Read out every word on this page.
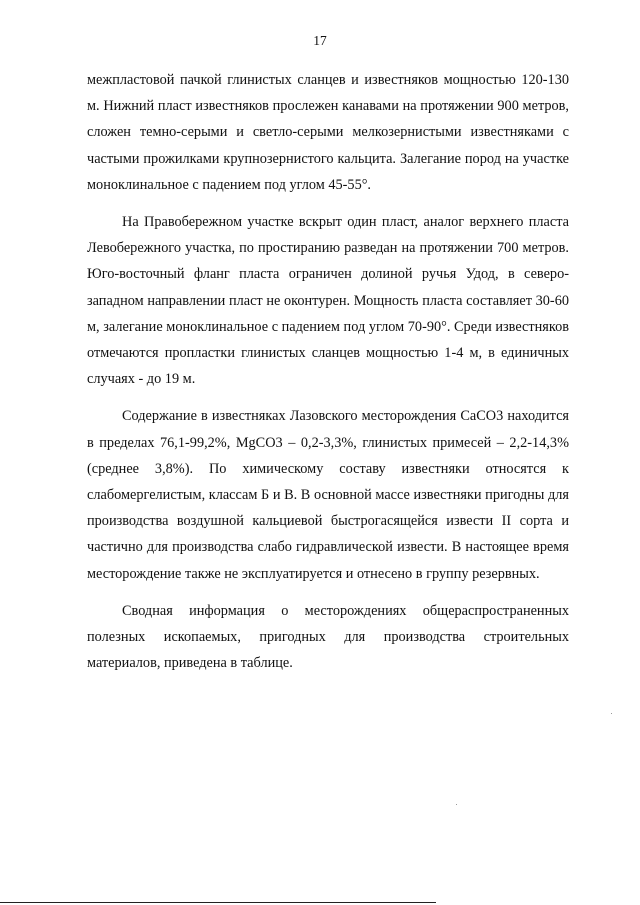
17

межпластовой пачкой глинистых сланцев и известняков мощностью 120-130 м. Нижний пласт известняков прослежен канавами на протяжении 900 метров, сложен темно-серыми и светло-серыми мелкозернистыми известняками с частыми прожилками крупнозернистого кальцита. Залегание пород на участке моноклинальное с падением под углом 45-55°.

На Правобережном участке вскрыт один пласт, аналог верхнего пласта Левобережного участка, по простиранию разведан на протяжении 700 метров. Юго-восточный фланг пласта ограничен долиной ручья Удод, в северо-западном направлении пласт не оконтурен. Мощность пласта составляет 30-60 м, залегание моноклинальное с падением под углом 70-90°. Среди известняков отмечаются пропластки глинистых сланцев мощностью 1-4 м, в единичных случаях - до 19 м.

Содержание в известняках Лазовского месторождения CaCO3 находится в пределах 76,1-99,2%, MgCO3 – 0,2-3,3%, глинистых примесей – 2,2-14,3% (среднее 3,8%). По химическому составу известняки относятся к слабомергелистым, классам Б и В. В основной массе известняки пригодны для производства воздушной кальциевой быстрогасящейся извести II сорта и частично для производства слабо гидравлической извести. В настоящее время месторождение также не эксплуатируется и отнесено в группу резервных.

Сводная информация о месторождениях общераспространенных полезных ископаемых, пригодных для производства строительных материалов, приведена в таблице.
